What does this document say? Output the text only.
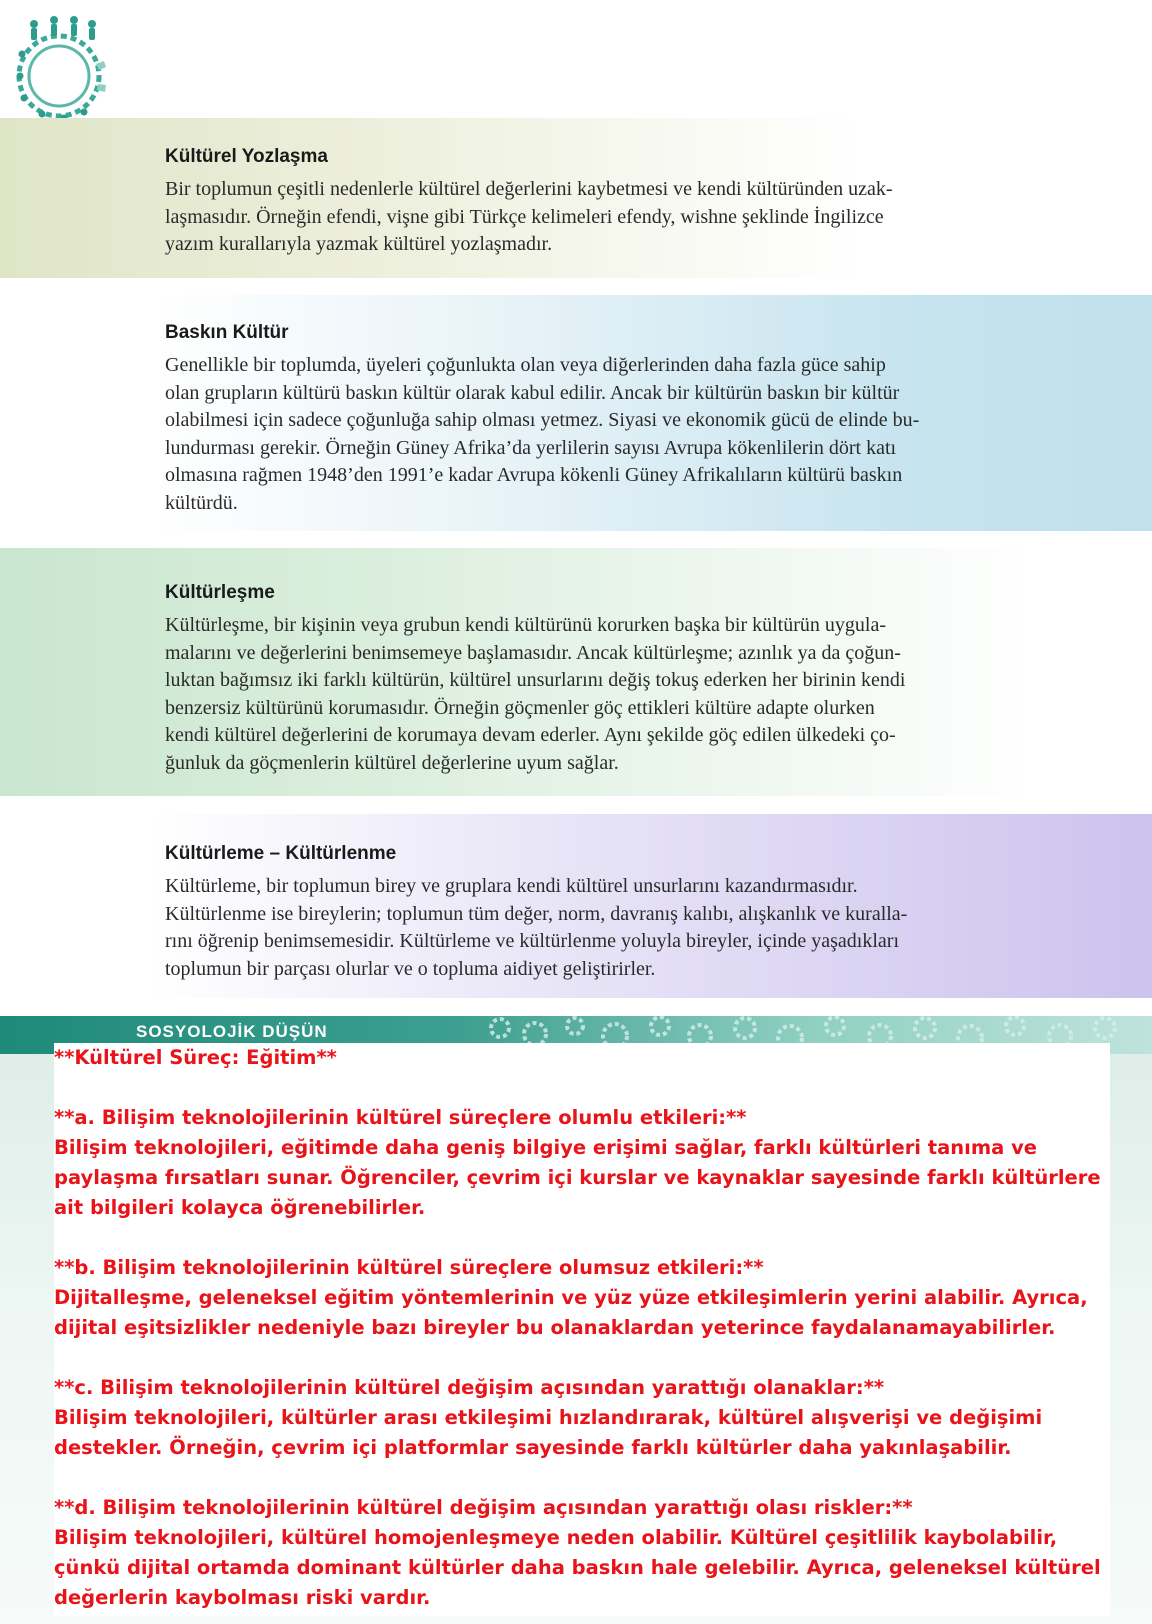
Kültürel Yozlaşma

Bir toplumun çeşitli nedenlerle kültürel değerlerini kaybetmesi ve kendi kültüründen uzak-
laşmasıdır. Örneğin efendi, vişne gibi Türkçe kelimeleri efendy, wishne şeklinde İngilizce
yazım kurallarıyla yazmak kültürel yozlaşmadır.

Baskın Kültür

Genellikle bir toplumda, üyeleri çoğunlukta olan veya diğerlerinden daha fazla güce sahip
olan grupların kültürü baskın kültür olarak kabul edilir. Ancak bir kültürün baskın bir kültür
olabilmesi için sadece çoğunluğa sahip olması yetmez. Siyasi ve ekonomik gücü de elinde bu-
lundurması gerekir. Örneğin Güney Afrika’da yerlilerin sayısı Avrupa kökenlilerin dört katı
olmasına rağmen 1948’den 1991’e kadar Avrupa kökenli Güney Afrikalıların kültürü baskın
kültürdü.

Kültürleşme

Kültürleşme, bir kişinin veya grubun kendi kültürünü korurken başka bir kültürün uygula-
malarını ve değerlerini benimsemeye başlamasıdır. Ancak kültürleşme; azınlık ya da çoğun-
luktan bağımsız iki farklı kültürün, kültürel unsurlarını değiş tokuş ederken her birinin kendi
benzersiz kültürünü korumasıdır. Örneğin göçmenler göç ettikleri kültüre adapte olurken
kendi kültürel değerlerini de korumaya devam ederler. Aynı şekilde göç edilen ülkedeki ço-
ğunluk da göçmenlerin kültürel değerlerine uyum sağlar.

Kültürleme – Kültürlenme

Kültürleme, bir toplumun birey ve gruplara kendi kültürel unsurlarını kazandırmasıdır.
Kültürlenme ise bireylerin; toplumun tüm değer, norm, davranış kalıbı, alışkanlık ve kuralla-
rını öğrenip benimsemesidir. Kültürleme ve kültürlenme yoluyla bireyler, içinde yaşadıkları
toplumun bir parçası olurlar ve o topluma aidiyet geliştirirler.

SOSYOLOJİK DÜŞÜN

**Kültürel Süreç: Eğitim**

**a. Bilişim teknolojilerinin kültürel süreçlere olumlu etkileri:**

Bilişim teknolojileri, eğitimde daha geniş bilgiye erişimi sağlar, farklı kültürleri tanıma ve paylaşma fırsatları sunar. Öğrenciler, çevrim içi kurslar ve kaynaklar sayesinde farklı kültürlere ait bilgileri kolayca öğrenebilirler.

**b. Bilişim teknolojilerinin kültürel süreçlere olumsuz etkileri:**

Dijitalleşme, geleneksel eğitim yöntemlerinin ve yüz yüze etkileşimlerin yerini alabilir. Ayrıca, dijital eşitsizlikler nedeniyle bazı bireyler bu olanaklardan yeterince faydalanamayabilirler.

**c. Bilişim teknolojilerinin kültürel değişim açısından yarattığı olanaklar:**

Bilişim teknolojileri, kültürler arası etkileşimi hızlandırarak, kültürel alışverişi ve değişimi destekler. Örneğin, çevrim içi platformlar sayesinde farklı kültürler daha yakınlaşabilir.

**d. Bilişim teknolojilerinin kültürel değişim açısından yarattığı olası riskler:**

Bilişim teknolojileri, kültürel homojenleşmeye neden olabilir. Kültürel çeşitlilik kaybolabilir, çünkü dijital ortamda dominant kültürler daha baskın hale gelebilir. Ayrıca, geleneksel kültürel değerlerin kaybolması riski vardır.
